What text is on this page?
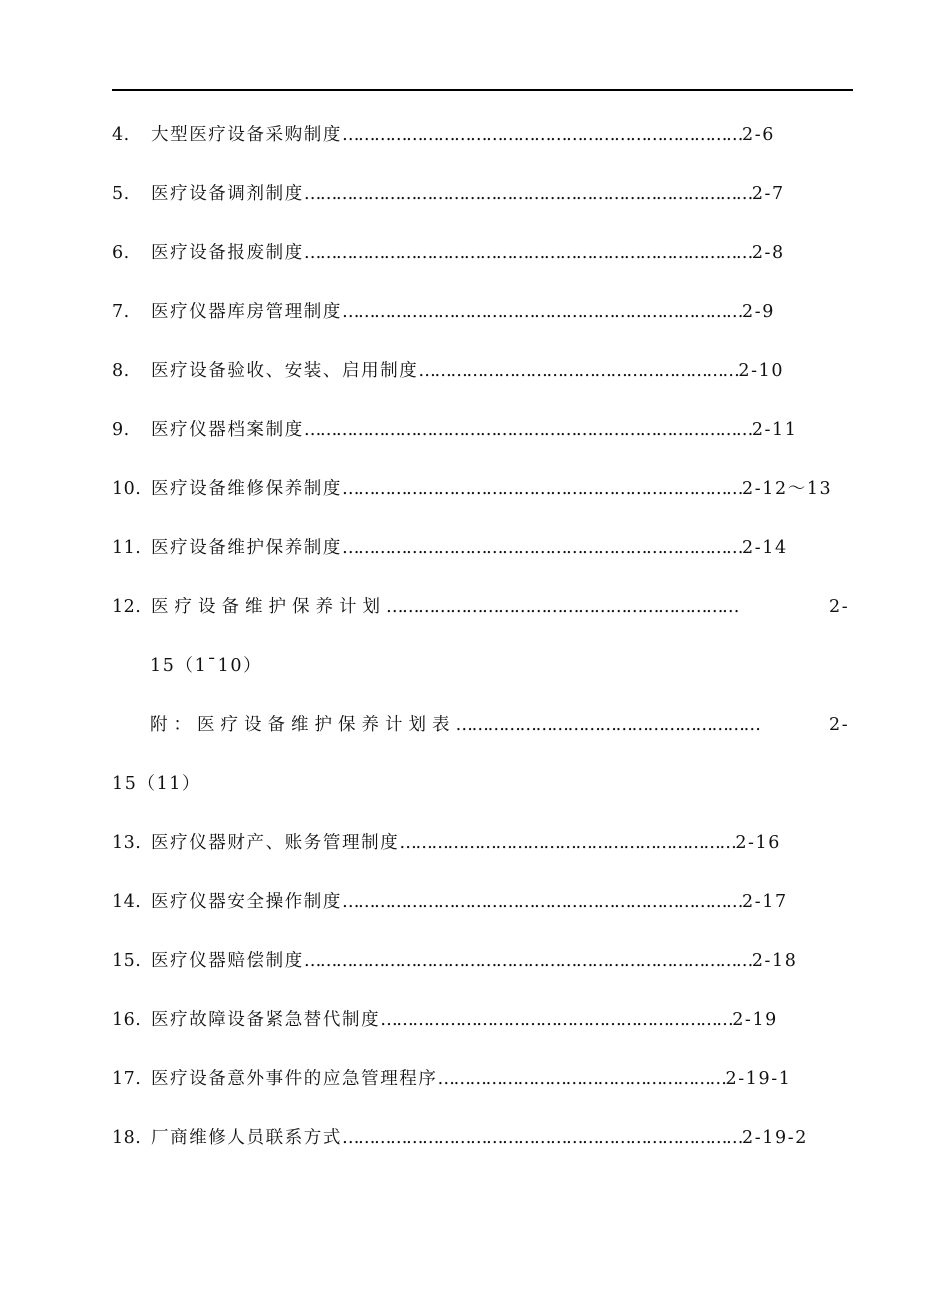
4. 大型医疗设备采购制度…………………………………………………………………2-6
5. 医疗设备调剂制度…………………………………………………………………………2-7
6. 医疗设备报废制度…………………………………………………………………………2-8
7. 医疗仪器库房管理制度…………………………………………………………………2-9
8. 医疗设备验收、安装、启用制度……………………………………………………2-10
9. 医疗仪器档案制度…………………………………………………………………………2-11
10. 医疗设备维修保养制度…………………………………………………………………2-12～13
11. 医疗设备维护保养制度…………………………………………………………………2-14
12. 医疗设备维护保养计划…………………………………………………………	2-
15（1¯10）
附：医疗设备维护保养计划表…………………………………………………	2-
15（11）
13. 医疗仪器财产、账务管理制度………………………………………………………2-16
14. 医疗仪器安全操作制度…………………………………………………………………2-17
15. 医疗仪器赔偿制度…………………………………………………………………………2-18
16. 医疗故障设备紧急替代制度…………………………………………………………2-19
17. 医疗设备意外事件的应急管理程序………………………………………………2-19-1
18. 厂商维修人员联系方式…………………………………………………………………2-19-2
